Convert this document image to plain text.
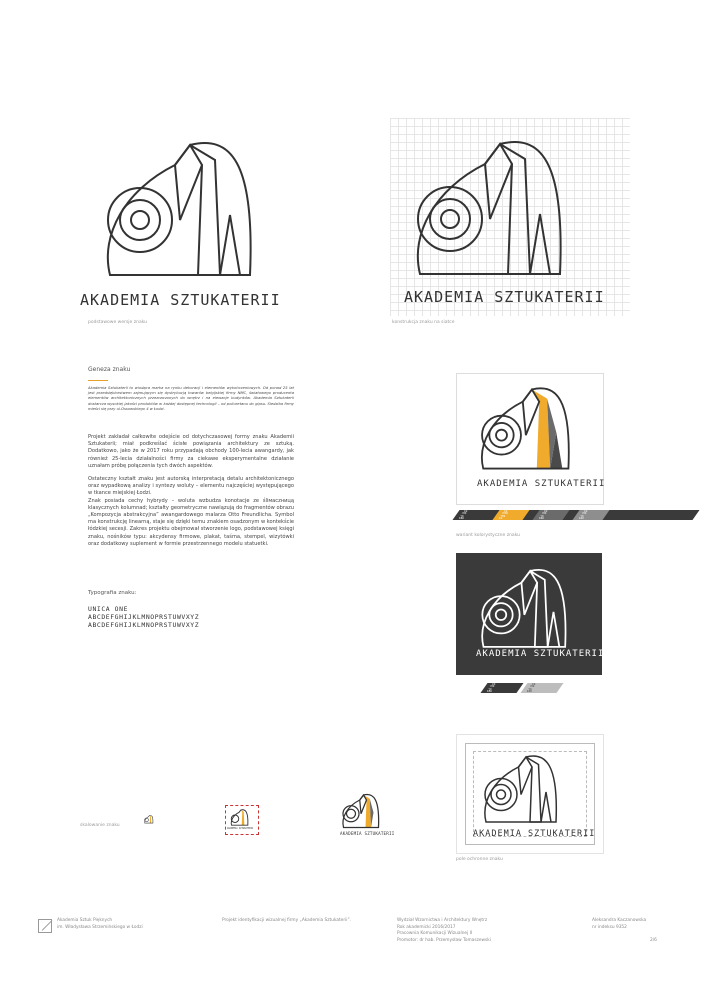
AKADEMIA SZTUKATERII
podstawowe wersje znaku
AKADEMIA SZTUKATERII
konstrukcja znaku na siatce
Geneza znaku
Akademia Sztukaterii to wiodąca marka na rynku dekoracji i elementów wykończeniowych. Od ponad 25 lat jest przedsiębiorstwem zajmującym się dystrybucją towarów belgijskiej firmy NMC, światowego producenta elementów architektonicznych przeznaczonych do wnętrz i na elewacje budynków. Akademia Sztukaterii dostarcza wysokiej jakości produktów w każdej dostępnej technologii – od poliuretanu do gipsu. Siedziba firmy mieści się przy ul.Ossowskiego 4 w Łodzi.
Projekt zakładał całkowite odejście od dotychczasowej formy znaku Akademii Sztukaterii; miał podkreślać ścisłe powiązania architektury ze sztuką. Dodatkowo, jako że w 2017 roku przypadają obchody 100-lecia awangardy, jak również 25-lecia działalności firmy za ciekawe eksperymentalne działanie uznałam próbę połączenia tych dwóch aspektów.
Ostateczny kształt znaku jest autorską interpretacją detalu architektonicznego oraz wypadkową analizy i syntezy woluty – elementu najczęściej występującego w tkance miejskiej Łodzi.
Znak posiada cechy hybrydy – woluta wzbudza konotacje ze śliмaczницą klasycznych kolumnad; kształty geometryczne nawiązują do fragmentów obrazu „Kompozycja abstrakcyjna” awangardowego malarza Otto Freundlicha. Symbol ma konstrukcję linearną, staje się dzięki temu znakiem osadzonym w kontekście łódzkiej secesji. Zakres projektu obejmował stworzenie logo, podstawowej księgi znaku, nośników typu: akcydensy firmowe, plakat, taśma, stempel, wizytówki oraz dodatkowy suplement w formie przestrzennego modelu statuetki.
Typografia znaku:
UNICA ONE
ABCDEFGHIJKLMNOPRSTUWVXYZ
ABCDEFGHIJKLMNOPRSTUWVXYZ
AKADEMIA SZTUKATERII
C0
M0
Y0
K80
C0
M36
Y89
K0
C0
M0
Y0
K60
C0
M0
Y0
K40
wariant kolorystyczne znaku
AKADEMIA SZTUKATERII
C0
M0
Y0
K80
C0
M0
Y0
K30
skalowanie znaku
AKADEMIA SZTUKATERII
AKADEMIA SZTUKATERII	AKADEMIA SZTUKATERII
pole ochronne znaku
Akademia Sztuk Pięknych
im. Władysława Strzemińskiego w Łodzi
Projekt identyfikacji wizualnej firmy „Akademia Sztukaterii”.	Wydział Wzornictwa i Architektury Wnętrz
Rok akademicki 2016/2017
Pracownia Komunikacji Wizualnej II
Promotor: dr hab. Przemysław Tomaszewski
Aleksandra Kaczanowska
nr indeksu 9352
2/6
